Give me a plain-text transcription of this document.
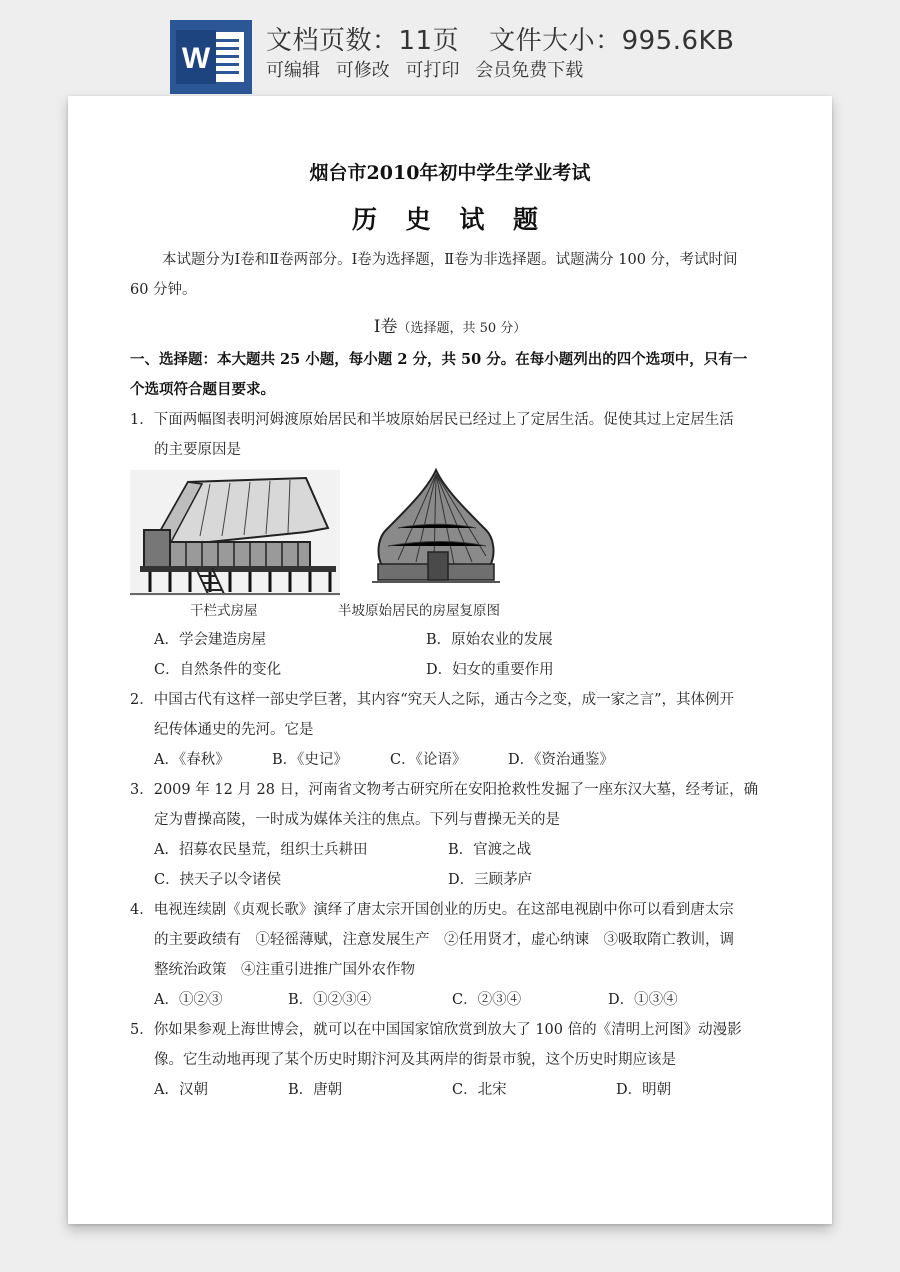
W
文档页数：11页 文件大小：995.6KB
可编辑 可修改 可打印 会员免费下载
烟台市2010年初中学生学业考试
历 史 试 题
本试题分为Ⅰ卷和Ⅱ卷两部分。Ⅰ卷为选择题，Ⅱ卷为非选择题。试题满分 100 分，考试时间
60 分钟。
Ⅰ卷（选择题，共 50 分）
一、选择题：本大题共 25 小题，每小题 2 分，共 50 分。在每小题列出的四个选项中，只有一
个选项符合题目要求。
1．下面两幅图表明河姆渡原始居民和半坡原始居民已经过上了定居生活。促使其过上定居生活
的主要原因是
干栏式房屋	半坡原始居民的房屋复原图
A．学会建造房屋	B．原始农业的发展
C．自然条件的变化	D．妇女的重要作用
2．中国古代有这样一部史学巨著，其内容“究天人之际，通古今之变，成一家之言”，其体例开
纪传体通史的先河。它是
A．《春秋》	B．《史记》	C．《论语》	D．《资治通鉴》
3．2009 年 12 月 28 日，河南省文物考古研究所在安阳抢救性发掘了一座东汉大墓，经考证，确
定为曹操高陵，一时成为媒体关注的焦点。下列与曹操无关的是
A．招募农民垦荒，组织士兵耕田	B．官渡之战
C．挟天子以令诸侯	D．三顾茅庐
4．电视连续剧《贞观长歌》演绎了唐太宗开国创业的历史。在这部电视剧中你可以看到唐太宗
的主要政绩有　①轻徭薄赋，注意发展生产　②任用贤才，虚心纳谏　③吸取隋亡教训，调
整统治政策　④注重引进推广国外农作物
A．①②③	B．①②③④	C．②③④	D．①③④
5．你如果参观上海世博会，就可以在中国国家馆欣赏到放大了 100 倍的《清明上河图》动漫影
像。它生动地再现了某个历史时期汴河及其两岸的街景市貌，这个历史时期应该是
A．汉朝	B．唐朝	C．北宋	D．明朝
